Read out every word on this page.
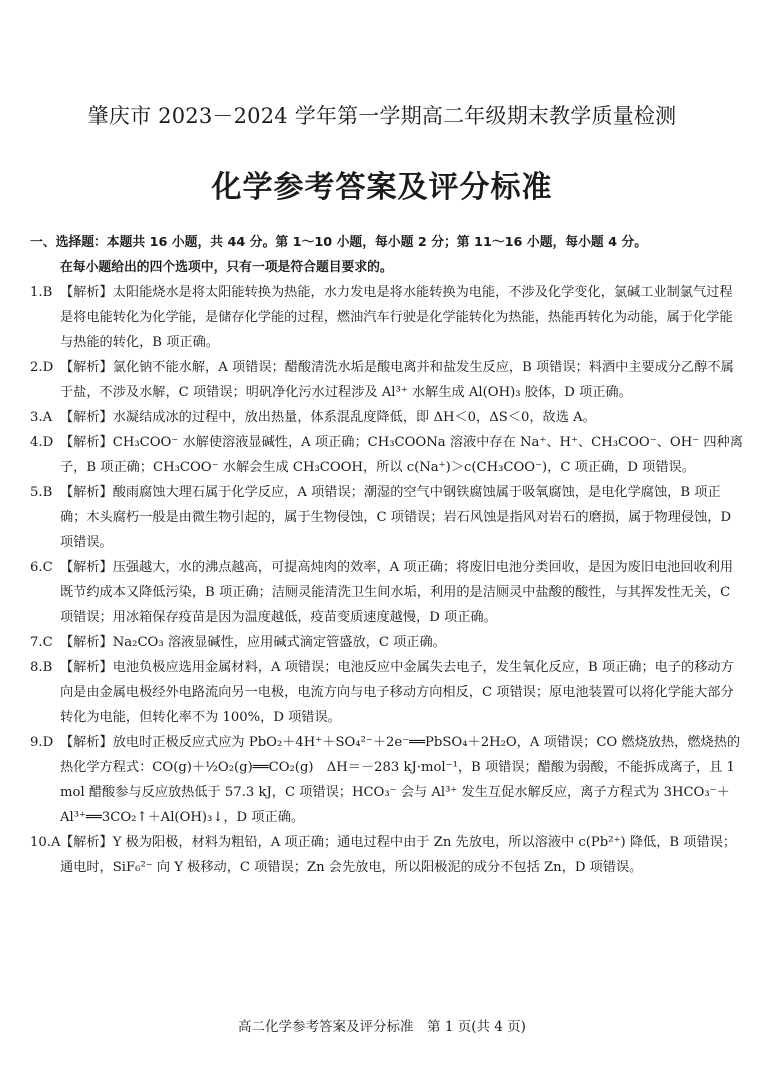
肇庆市 2023－2024 学年第一学期高二年级期末教学质量检测
化学参考答案及评分标准
一、选择题：本题共 16 小题，共 44 分。第 1～10 小题，每小题 2 分；第 11～16 小题，每小题 4 分。
在每小题给出的四个选项中，只有一项是符合题目要求的。
1.B 【解析】太阳能烧水是将太阳能转换为热能，水力发电是将水能转换为电能，不涉及化学变化，氯碱工业制氯气过程是将电能转化为化学能，是储存化学能的过程，燃油汽车行驶是化学能转化为热能，热能再转化为动能，属于化学能与热能的转化，B 项正确。
2.D 【解析】氯化钠不能水解，A 项错误；醋酸清洗水垢是酸电离并和盐发生反应，B 项错误；料酒中主要成分乙醇不属于盐，不涉及水解，C 项错误；明矾净化污水过程涉及 Al³⁺ 水解生成 Al(OH)₃ 胶体，D 项正确。
3.A 【解析】水凝结成冰的过程中，放出热量，体系混乱度降低，即 ΔH＜0，ΔS＜0，故选 A。
4.D 【解析】CH₃COO⁻ 水解使溶液显碱性，A 项正确；CH₃COONa 溶液中存在 Na⁺、H⁺、CH₃COO⁻、OH⁻ 四种离子，B 项正确；CH₃COO⁻ 水解会生成 CH₃COOH，所以 c(Na⁺)＞c(CH₃COO⁻)，C 项正确，D 项错误。
5.B 【解析】酸雨腐蚀大理石属于化学反应，A 项错误；潮湿的空气中钢铁腐蚀属于吸氧腐蚀，是电化学腐蚀，B 项正确；木头腐朽一般是由微生物引起的，属于生物侵蚀，C 项错误；岩石风蚀是指风对岩石的磨损，属于物理侵蚀，D 项错误。
6.C 【解析】压强越大，水的沸点越高，可提高炖肉的效率，A 项正确；将废旧电池分类回收，是因为废旧电池回收利用既节约成本又降低污染，B 项正确；洁厕灵能清洗卫生间水垢，利用的是洁厕灵中盐酸的酸性，与其挥发性无关，C 项错误；用冰箱保存疫苗是因为温度越低，疫苗变质速度越慢，D 项正确。
7.C 【解析】Na₂CO₃ 溶液显碱性，应用碱式滴定管盛放，C 项正确。
8.B 【解析】电池负极应选用金属材料，A 项错误；电池反应中金属失去电子，发生氧化反应，B 项正确；电子的移动方向是由金属电极经外电路流向另一电极，电流方向与电子移动方向相反，C 项错误；原电池装置可以将化学能大部分转化为电能，但转化率不为 100%，D 项错误。
9.D 【解析】放电时正极反应式应为 PbO₂＋4H⁺＋SO₄²⁻＋2e⁻══PbSO₄＋2H₂O，A 项错误；CO 燃烧放热，燃烧热的热化学方程式：CO(g)＋½O₂(g)══CO₂(g)　ΔH＝－283 kJ·mol⁻¹，B 项错误；醋酸为弱酸，不能拆成离子，且 1 mol 醋酸参与反应放热低于 57.3 kJ，C 项错误；HCO₃⁻ 会与 Al³⁺ 发生互促水解反应，离子方程式为 3HCO₃⁻＋Al³⁺══3CO₂↑＋Al(OH)₃↓，D 项正确。
10.A 【解析】Y 极为阳极，材料为粗铅，A 项正确；通电过程中由于 Zn 先放电，所以溶液中 c(Pb²⁺) 降低，B 项错误；通电时，SiF₆²⁻ 向 Y 极移动，C 项错误；Zn 会先放电，所以阳极泥的成分不包括 Zn，D 项错误。
高二化学参考答案及评分标准　第 1 页(共 4 页)
